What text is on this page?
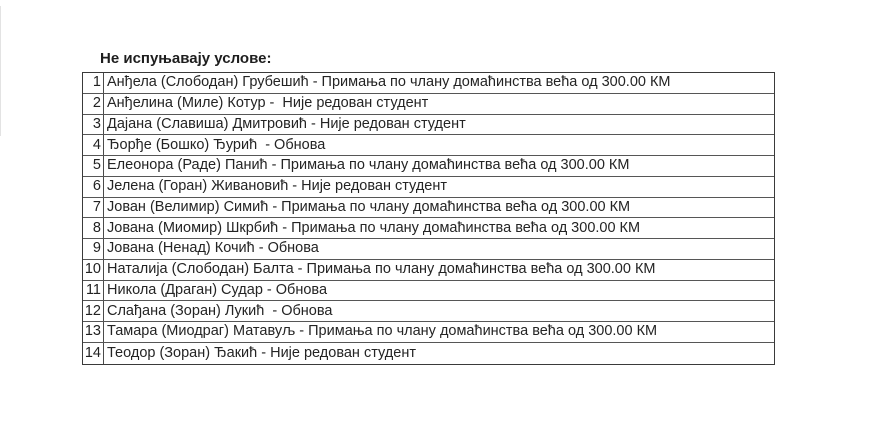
Не испуњавају услове:
1 Анђела (Слободан) Грубешић - Примања по члану домаћинства већа од 300.00 КМ
2 Анђелина (Миле) Котур -  Није редован студент
3 Дајана (Славиша) Дмитровић - Није редован студент
4 Ђорђе (Бошко) Ђурић  - Обнова
5 Елеонора (Раде) Панић - Примања по члану домаћинства већа од 300.00 КМ
6 Јелена (Горан) Живановић - Није редован студент
7 Јован (Велимир) Симић - Примања по члану домаћинства већа од 300.00 КМ
8 Јована (Миомир) Шкрбић - Примања по члану домаћинства већа од 300.00 КМ
9 Јована (Ненад) Кочић - Обнова
10 Наталија (Слободан) Балта - Примања по члану домаћинства већа од 300.00 КМ
11 Никола (Драган) Судар - Обнова
12 Слађана (Зоран) Лукић  - Обнова
13 Тамара (Миодраг) Матавуљ - Примања по члану домаћинства већа од 300.00 КМ
14 Теодор (Зоран) Ђакић - Није редован студент
